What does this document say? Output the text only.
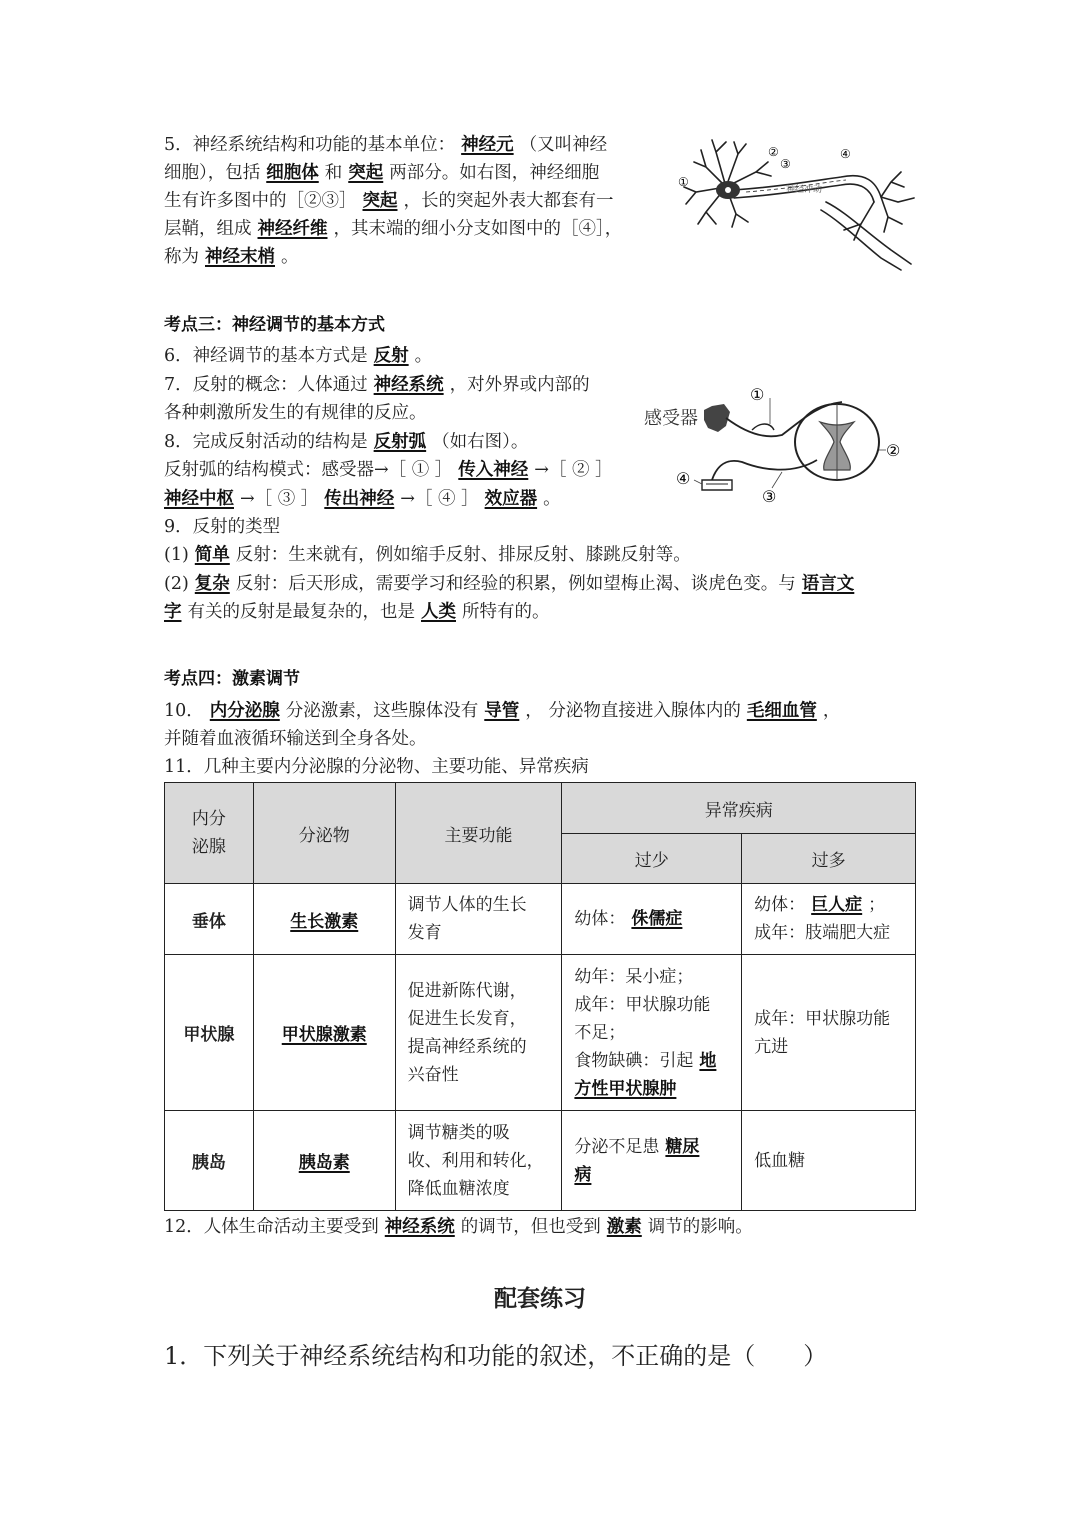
5．神经系统结构和功能的基本单位： 神经元 （又叫神经
细胞），包括 细胞体 和 突起 两部分。如右图，神经细胞
生有许多图中的［②③］ 突起 ，长的突起外表大都套有一
层鞘，组成 神经纤维 ，其末端的细小分支如图中的［④］，
称为 神经末梢 。
①
②
③
④
神经冲动
考点三：神经调节的基本方式
6．神经调节的基本方式是 反射 。
7．反射的概念：人体通过 神经系统 ，对外界或内部的
各种刺激所发生的有规律的反应。
8．完成反射活动的结构是 反射弧 （如右图）。
反射弧的结构模式：感受器→［ ① ］ 传入神经 →［ ② ］
神经中枢 →［ ③ ］ 传出神经 →［ ④ ］ 效应器 。
9．反射的类型
(1) 简单 反射：生来就有，例如缩手反射、排尿反射、膝跳反射等。
(2) 复杂 反射：后天形成，需要学习和经验的积累，例如望梅止渴、谈虎色变。与 语言文
字 有关的反射是最复杂的，也是 人类 所特有的。
感受器
①
②
③
④
考点四：激素调节
10． 内分泌腺 分泌激素，这些腺体没有 导管 ， 分泌物直接进入腺体内的 毛细血管 ，
并随着血液循环输送到全身各处。
11．几种主要内分泌腺的分泌物、主要功能、异常疾病
内分
泌腺	分泌物	主要功能	异常疾病	
			过少	过多
垂体	生长激素	调节人体的生长
发育	幼体： 侏儒症	幼体： 巨人症 ；
成年：肢端肥大症
甲状腺	甲状腺激素	促进新陈代谢，
促进生长发育，
提高神经系统的
兴奋性	幼年：呆小症；
成年：甲状腺功能
不足；
食物缺碘：引起 地
方性甲状腺肿	成年：甲状腺功能
亢进
胰岛	胰岛素	调节糖类的吸
收、利用和转化，
降低血糖浓度	分泌不足患 糖尿
病	低血糖
12．人体生命活动主要受到 神经系统 的调节，但也受到 激素 调节的影响。
配套练习
1．下列关于神经系统结构和功能的叙述，不正确的是（　　）
